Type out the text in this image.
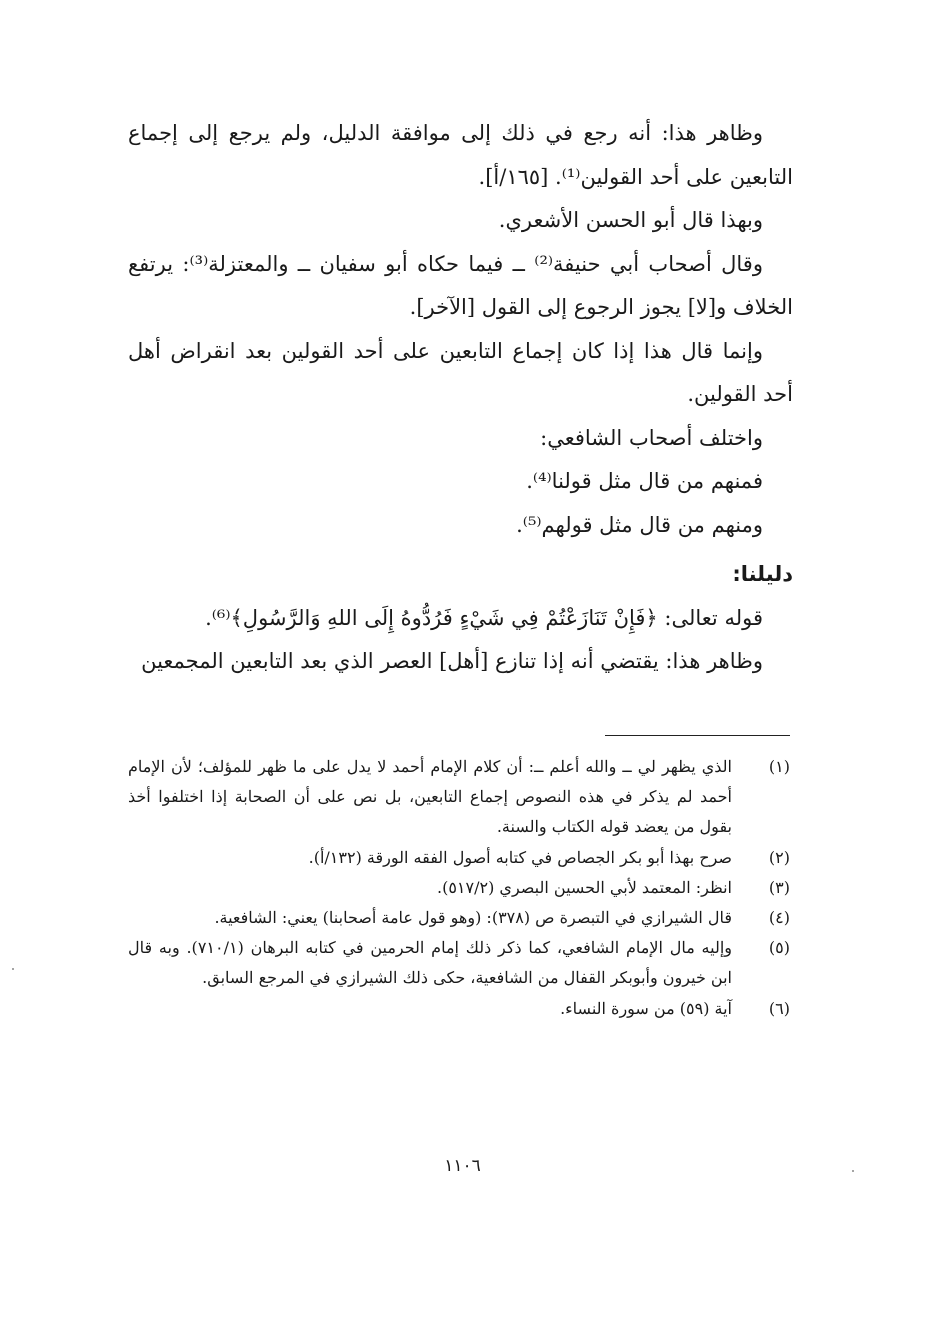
وظاهر هذا: أنه رجع في ذلك إلى موافقة الدليل، ولم يرجع إلى إجماع التابعين على أحد القولين⁽¹⁾. [١٦٥/أ].

وبهذا قال أبو الحسن الأشعري.

وقال أصحاب أبي حنيفة⁽²⁾ ــ فيما حكاه أبو سفيان ــ والمعتزلة⁽³⁾: يرتفع الخلاف و[لا] يجوز الرجوع إلى القول [الآخر].

وإنما قال هذا إذا كان إجماع التابعين على أحد القولين بعد انقراض أهل أحد القولين.

واختلف أصحاب الشافعي:

فمنهم من قال مثل قولنا⁽⁴⁾.

ومنهم من قال مثل قولهم⁽⁵⁾.

دليلنا:

قوله تعالى: ﴿فَإِنْ تَنَازَعْتُمْ فِي شَيْءٍ فَرُدُّوهُ إِلَى اللهِ وَالرَّسُولِ﴾⁽⁶⁾.

وظاهر هذا: يقتضي أنه إذا تنازع [أهل] العصر الذي بعد التابعين المجمعين

(١)
الذي يظهر لي ــ والله أعلم ــ: أن كلام الإمام أحمد لا يدل على ما ظهر للمؤلف؛ لأن الإمام أحمد لم يذكر في هذه النصوص إجماع التابعين، بل نص على أن الصحابة إذا اختلفوا أخذ بقول من يعضد قوله الكتاب والسنة.
(٢)
صرح بهذا أبو بكر الجصاص في كتابه أصول الفقه الورقة (١٣٢/أ).
(٣)
انظر: المعتمد لأبي الحسين البصري (٥١٧/٢).
(٤)
قال الشيرازي في التبصرة ص (٣٧٨): (وهو قول عامة أصحابنا) يعني: الشافعية.
(٥)
وإليه مال الإمام الشافعي، كما ذكر ذلك إمام الحرمين في كتابه البرهان (٧١٠/١). وبه قال ابن خيرون وأبوبكر القفال من الشافعية، حكى ذلك الشيرازي في المرجع السابق.
(٦)
آية (٥٩) من سورة النساء.
١١٠٦
